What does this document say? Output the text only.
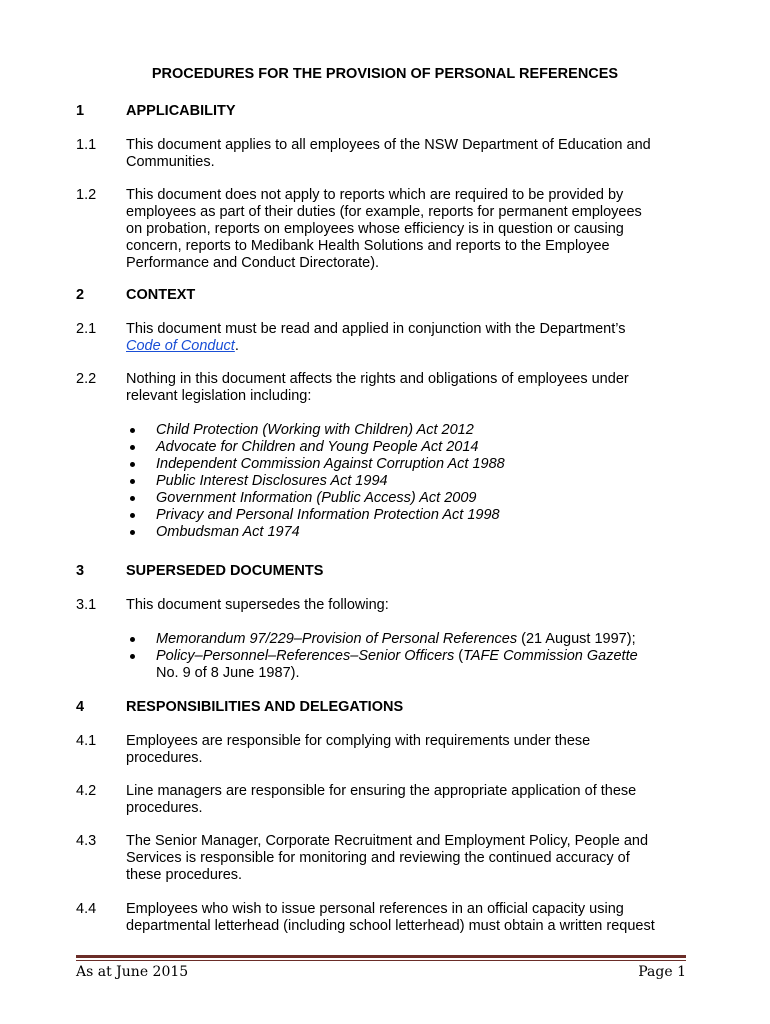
PROCEDURES FOR THE PROVISION OF PERSONAL REFERENCES
1	APPLICABILITY
1.1	This document applies to all employees of the NSW Department of Education and
Communities.
1.2	This document does not apply to reports which are required to be provided by
employees as part of their duties (for example, reports for permanent employees
on probation, reports on employees whose efficiency is in question or causing
concern, reports to Medibank Health Solutions and reports to the Employee
Performance and Conduct Directorate).
2	CONTEXT
2.1	This document must be read and applied in conjunction with the Department’s
Code of Conduct.
2.2	Nothing in this document affects the rights and obligations of employees under
relevant legislation including:
Child Protection (Working with Children) Act 2012
Advocate for Children and Young People Act 2014
Independent Commission Against Corruption Act 1988
Public Interest Disclosures Act 1994
Government Information (Public Access) Act 2009
Privacy and Personal Information Protection Act 1998
Ombudsman Act 1974
3	SUPERSEDED DOCUMENTS
3.1	This document supersedes the following:
Memorandum 97/229–Provision of Personal References (21 August 1997);
Policy–Personnel–References–Senior Officers (TAFE Commission Gazette
No. 9 of 8 June 1987).
4	RESPONSIBILITIES AND DELEGATIONS
4.1	Employees are responsible for complying with requirements under these
procedures.
4.2	Line managers are responsible for ensuring the appropriate application of these
procedures.
4.3	The Senior Manager, Corporate Recruitment and Employment Policy, People and
Services is responsible for monitoring and reviewing the continued accuracy of
these procedures.
4.4	Employees who wish to issue personal references in an official capacity using
departmental letterhead (including school letterhead) must obtain a written request
As at June 2015	Page 1
